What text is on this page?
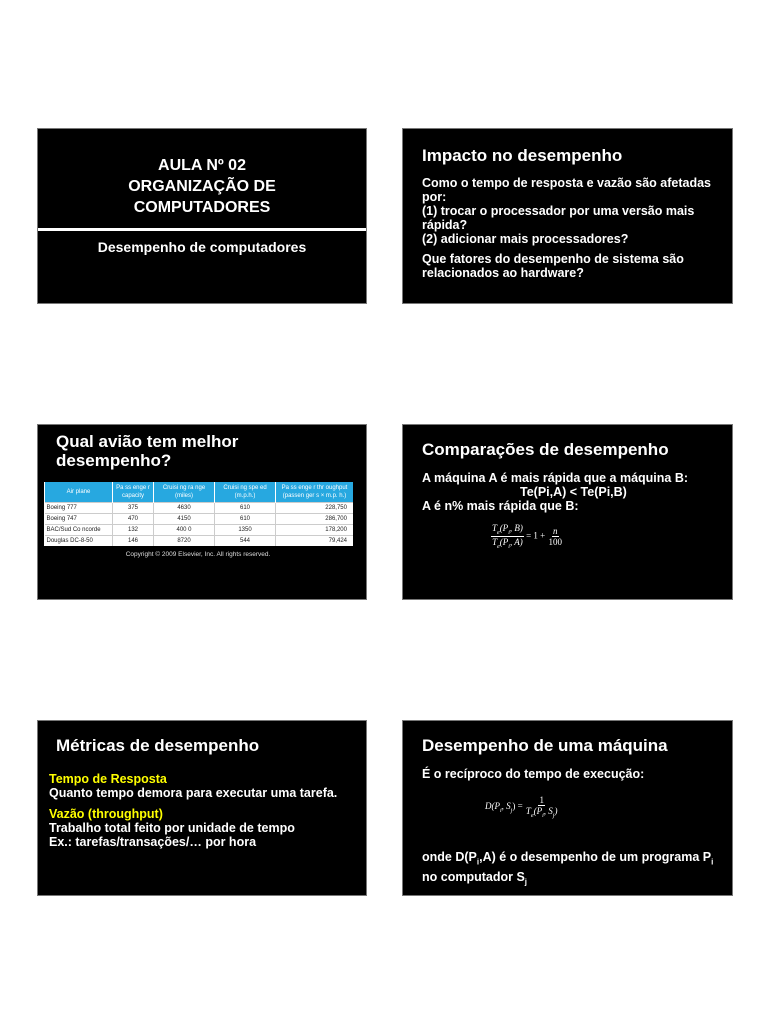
AULA Nº 02
ORGANIZAÇÃO DE
COMPUTADORES
Desempenho de computadores
Impacto no desempenho
Como o tempo de resposta e vazão são afetadas
por:
(1) trocar o processador por uma versão mais
rápida?
(2) adicionar mais processadores?
Que fatores do desempenho de sistema são
relacionados ao hardware?
Qual avião tem melhor
desempenho?
Air plane	Pa ss enge r capacity	Cruisi ng ra nge (miles)	Cruisi ng spe ed (m.p.h.)	Pa ss enge r thr oughput (passen ger s × m.p. h.)
Boeing 777	375	4630	610	228,750
Boeing 747	470	4150	610	286,700
BAC/Sud Co ncorde	132	400 0	1350	178,200
Douglas DC-8-50	146	8720	544	79,424
Copyright © 2009 Elsevier, Inc. All rights reserved.
Comparações de desempenho
A máquina A é mais rápida que a máquina B:
Te(Pi,A) < Te(Pi,B)
A é n% mais rápida que B:
$\frac{T_e(P_i, B)}{T_e(P_i, A)} = 1 + \frac{n}{100}$
Métricas de desempenho
Tempo de Resposta
Quanto tempo demora para executar uma tarefa.
Vazão (throughput)
Trabalho total feito por unidade de tempo
Ex.: tarefas/transações/… por hora
Desempenho de uma máquina
É o recíproco do tempo de execução:
$D(P_i$, $S_j) = \frac{1}{T_e(P_i, S_j)}$
onde $D(P_i,A)$ é o desempenho de um programa $P_i$
no computador $S_j$
